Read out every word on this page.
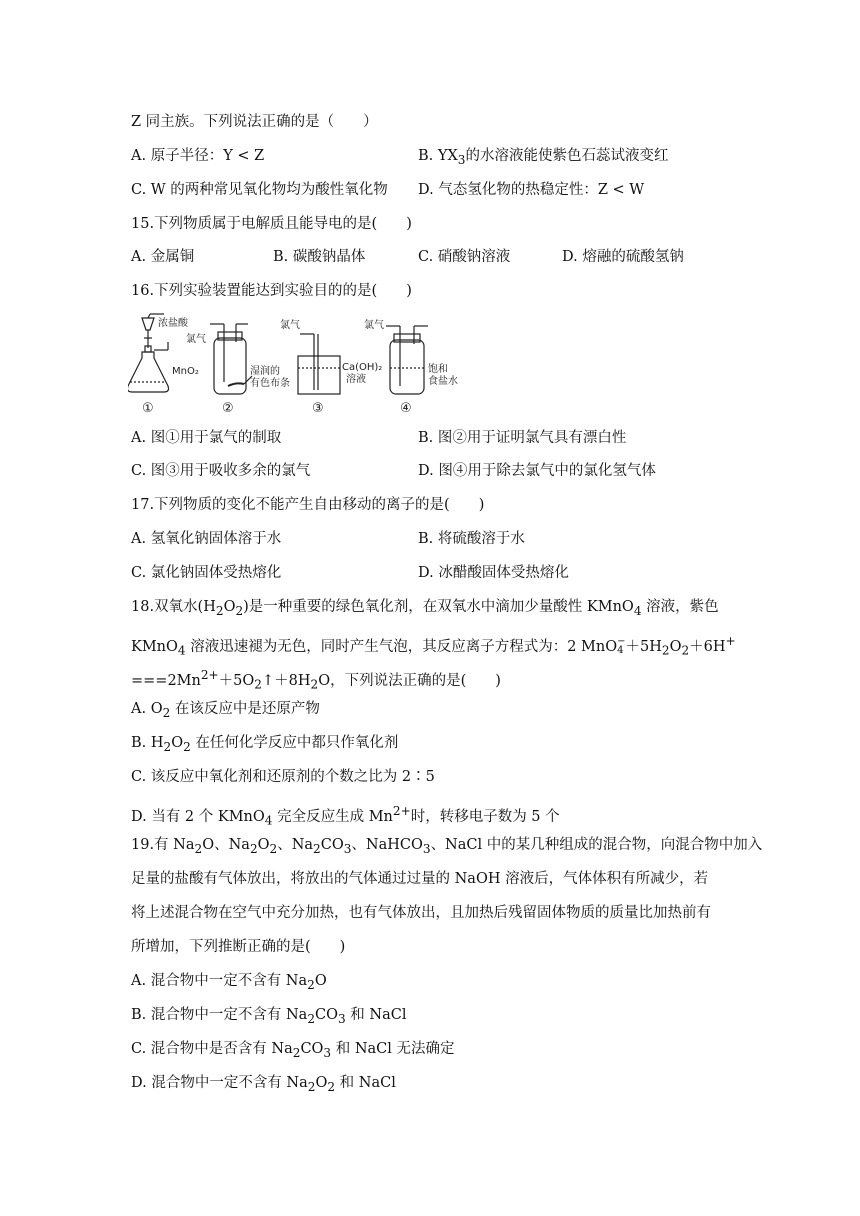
Z 同主族。下列说法正确的是（　　）
A. 原子半径：Y < Z	B. $YX_3$的水溶液能使紫色石蕊试液变红
C. W 的两种常见氧化物均为酸性氧化物 D. 气态氢化物的热稳定性：Z < W
15.下列物质属于电解质且能导电的是(　　)
A. 金属铜	B. 碳酸钠晶体	C. 硝酸钠溶液	D. 熔融的硫酸氢钠
16.下列实验装置能达到实验目的的是(　　)
浓盐酸
MnO₂
氯气
湿润的
有色布条
氯气
Ca(OH)₂
溶液
氯气
饱和
食盐水
①	②	③	④
A. 图①用于氯气的制取	B. 图②用于证明氯气具有漂白性
C. 图③用于吸收多余的氯气	D. 图④用于除去氯气中的氯化氢气体
17.下列物质的变化不能产生自由移动的离子的是(　　)
A. 氢氧化钠固体溶于水	B. 将硫酸溶于水
C. 氯化钠固体受热熔化	D. 冰醋酸固体受热熔化
18.双氧水$(H_2O_2)$是一种重要的绿色氧化剂，在双氧水中滴加少量酸性 KMnO$_4$ 溶液，紫色
KMnO$_4$ 溶液迅速褪为无色，同时产生气泡，其反应离子方程式为：2 MnO −
$4 +5H_2O_2+6H^+$
$===2Mn^{2+}+5O_2↑+8H_2O$，下列说法正确的是(　　)
A. $O_2$ 在该反应中是还原产物
B. $H_2O_2$ 在任何化学反应中都只作氧化剂
C. 该反应中氧化剂和还原剂的个数之比为 2∶5
D. 当有 2 个 KMnO$_4$ 完全反应生成 $Mn^{2+}$时，转移电子数为 5 个
19.有 $Na_2O$、$Na_2O_2$、$Na_2CO_3$、NaHCO$_3$、NaCl 中的某几种组成的混合物，向混合物中加入
足量的盐酸有气体放出，将放出的气体通过过量的 NaOH 溶液后，气体体积有所减少，若
将上述混合物在空气中充分加热，也有气体放出，且加热后残留固体物质的质量比加热前有
所增加，下列推断正确的是(　　)
A. 混合物中一定不含有 $Na_2O$
B. 混合物中一定不含有 $Na_2CO_3$ 和 NaCl
C. 混合物中是否含有 $Na_2CO_3$ 和 NaCl 无法确定
D. 混合物中一定不含有 $Na_2O_2$ 和 NaCl
